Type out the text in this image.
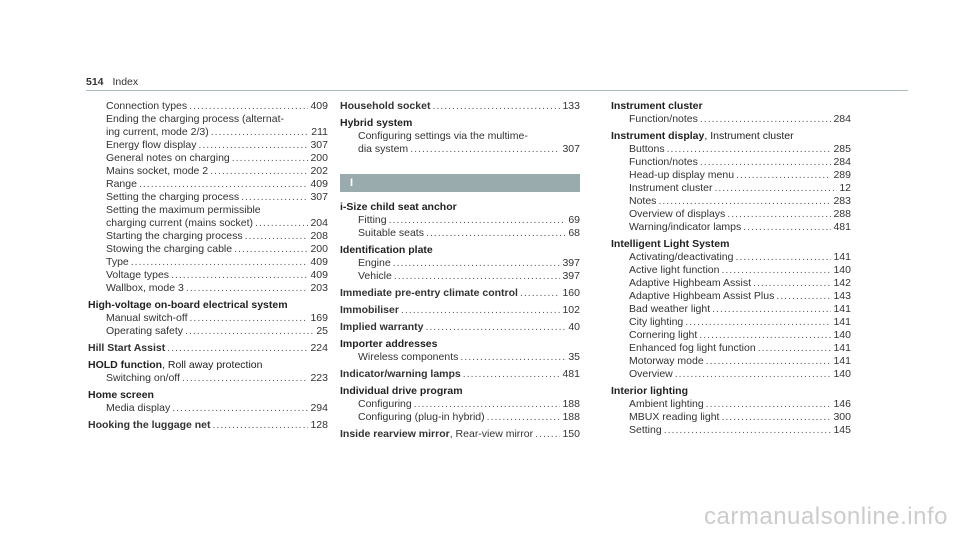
514 Index
Connection types .....	409
Ending the charging process (alternat-
ing current, mode 2/3) .....	211
Energy flow display .....	307
General notes on charging .....	200
Mains socket, mode 2 .....	202
Range .....	409
Setting the charging process .....	307
Setting the maximum permissible
charging current (mains socket) .....	204
Starting the charging process .....	208
Stowing the charging cable .....	200
Type .....	409
Voltage types .....	409
Wallbox, mode 3 .....	203
High-voltage on-board electrical system
Manual switch-off .....	169
Operating safety .....	25
Hill Start Assist .....	224
HOLD function, Roll away protection
Switching on/off .....	223
Home screen
Media display .....	294
Hooking the luggage net .....	128
Household socket .....	133
Hybrid system
Configuring settings via the multime-
dia system .....	307
I
i-Size child seat anchor
Fitting .....	69
Suitable seats .....	68
Identification plate
Engine .....	397
Vehicle .....	397
Immediate pre-entry climate control .....	160
Immobiliser .....	102
Implied warranty .....	40
Importer addresses
Wireless components .....	35
Indicator/warning lamps .....	481
Individual drive program
Configuring .....	188
Configuring (plug-in hybrid) .....	188
Inside rearview mirror , Rear-view mirror .....	150
Instrument cluster
Function/notes .....	284
Instrument display, Instrument cluster
Buttons .....	285
Function/notes .....	284
Head-up display menu .....	289
Instrument cluster .....	12
Notes .....	283
Overview of displays .....	288
Warning/indicator lamps .....	481
Intelligent Light System
Activating/deactivating .....	141
Active light function .....	140
Adaptive Highbeam Assist .....	142
Adaptive Highbeam Assist Plus .....	143
Bad weather light .....	141
City lighting .....	141
Cornering light .....	140
Enhanced fog light function .....	141
Motorway mode .....	141
Overview .....	140
Interior lighting
Ambient lighting .....	146
MBUX reading light .....	300
Setting .....	145
carmanualsonline.info
